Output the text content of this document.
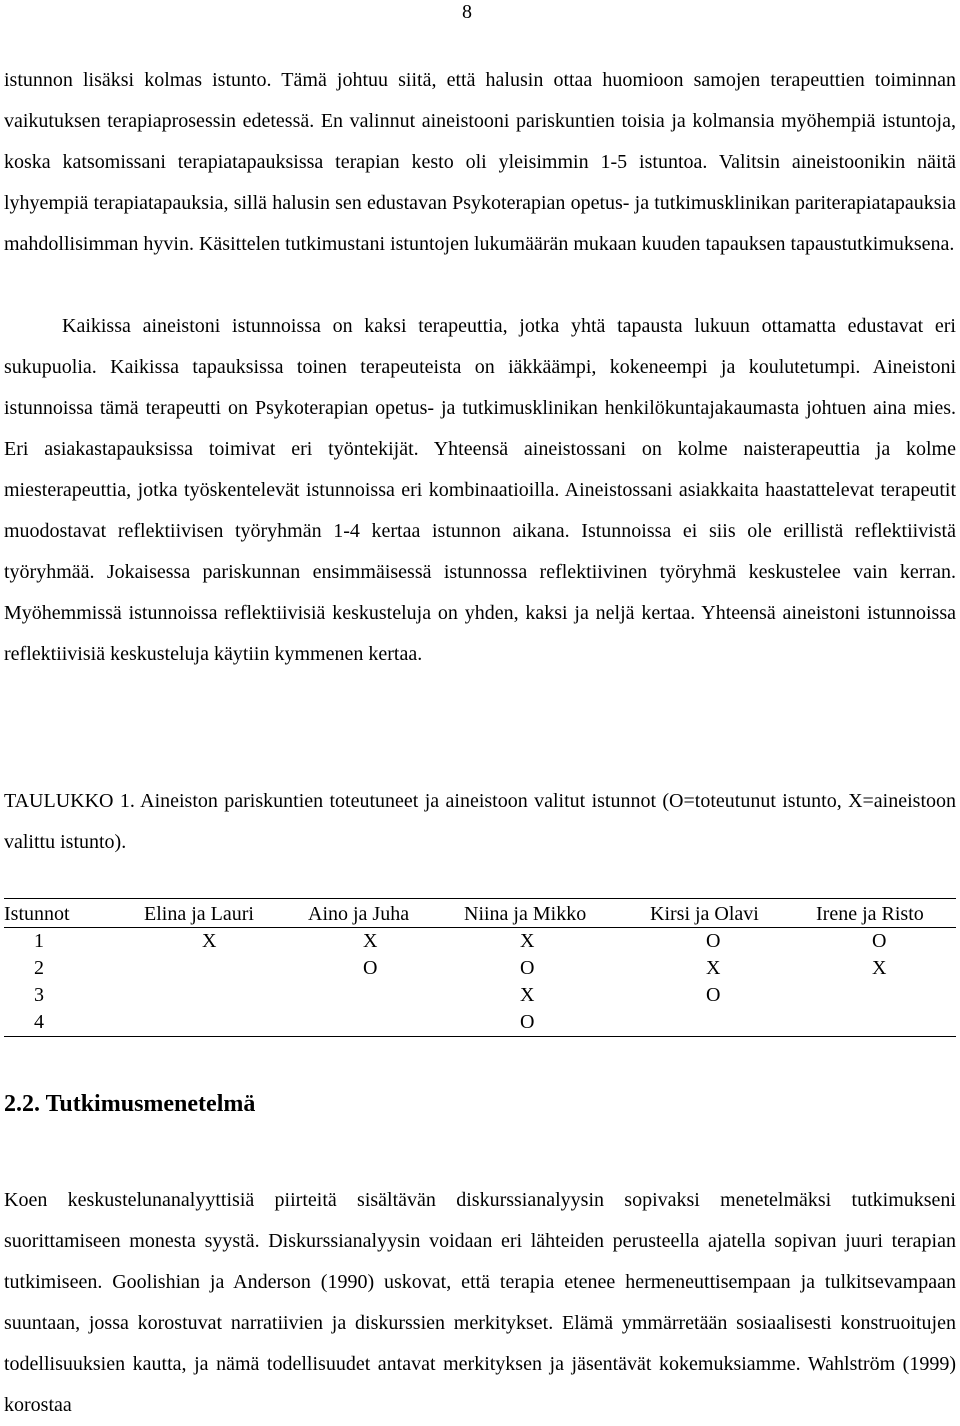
8

istunnon lisäksi kolmas istunto. Tämä johtuu siitä, että halusin ottaa huomioon samojen terapeuttien toiminnan vaikutuksen terapiaprosessin edetessä. En valinnut aineistooni pariskuntien toisia ja kolmansia myöhempiä istuntoja, koska katsomissani terapiatapauksissa terapian kesto oli yleisimmin 1-5 istuntoa. Valitsin aineistoonikin näitä lyhyempiä terapiatapauksia, sillä halusin sen edustavan Psykoterapian opetus- ja tutkimusklinikan pariterapiatapauksia mahdollisimman hyvin. Käsittelen tutkimustani istuntojen lukumäärän mukaan kuuden tapauksen tapaustutkimuksena.

Kaikissa aineistoni istunnoissa on kaksi terapeuttia, jotka yhtä tapausta lukuun ottamatta edustavat eri sukupuolia. Kaikissa tapauksissa toinen terapeuteista on iäkkäämpi, kokeneempi ja koulutetumpi. Aineistoni istunnoissa tämä terapeutti on Psykoterapian opetus- ja tutkimusklinikan henkilökuntajakaumasta johtuen aina mies. Eri asiakastapauksissa toimivat eri työntekijät. Yhteensä aineistossani on kolme naisterapeuttia ja kolme miesterapeuttia, jotka työskentelevät istunnoissa eri kombinaatioilla. Aineistossani asiakkaita haastattelevat terapeutit muodostavat reflektiivisen työryhmän 1-4 kertaa istunnon aikana. Istunnoissa ei siis ole erillistä reflektiivistä työryhmää. Jokaisessa pariskunnan ensimmäisessä istunnossa reflektiivinen työryhmä keskustelee vain kerran. Myöhemmissä istunnoissa reflektiivisiä keskusteluja on yhden, kaksi ja neljä kertaa. Yhteensä aineistoni istunnoissa reflektiivisiä keskusteluja käytiin kymmenen kertaa.

TAULUKKO 1. Aineiston pariskuntien toteutuneet ja aineistoon valitut istunnot (O=toteutunut istunto, X=aineistoon valittu istunto).

Istunnot	Elina ja Lauri	Aino ja Juha	Niina ja Mikko	Kirsi ja Olavi	Irene ja Risto
1	X	X	X	O	O
2		O	O	X	X
3			X	O	
4			O		
2.2. Tutkimusmenetelmä

Koen keskustelunanalyyttisiä piirteitä sisältävän diskurssianalyysin sopivaksi menetelmäksi tutkimukseni suorittamiseen monesta syystä. Diskurssianalyysin voidaan eri lähteiden perusteella ajatella sopivan juuri terapian tutkimiseen. Goolishian ja Anderson (1990) uskovat, että terapia etenee hermeneuttisempaan ja tulkitsevampaan suuntaan, jossa korostuvat narratiivien ja diskurssien merkitykset. Elämä ymmärretään sosiaalisesti konstruoitujen todellisuuksien kautta, ja nämä todellisuudet antavat merkityksen ja jäsentävät kokemuksiamme. Wahlström (1999) korostaa
